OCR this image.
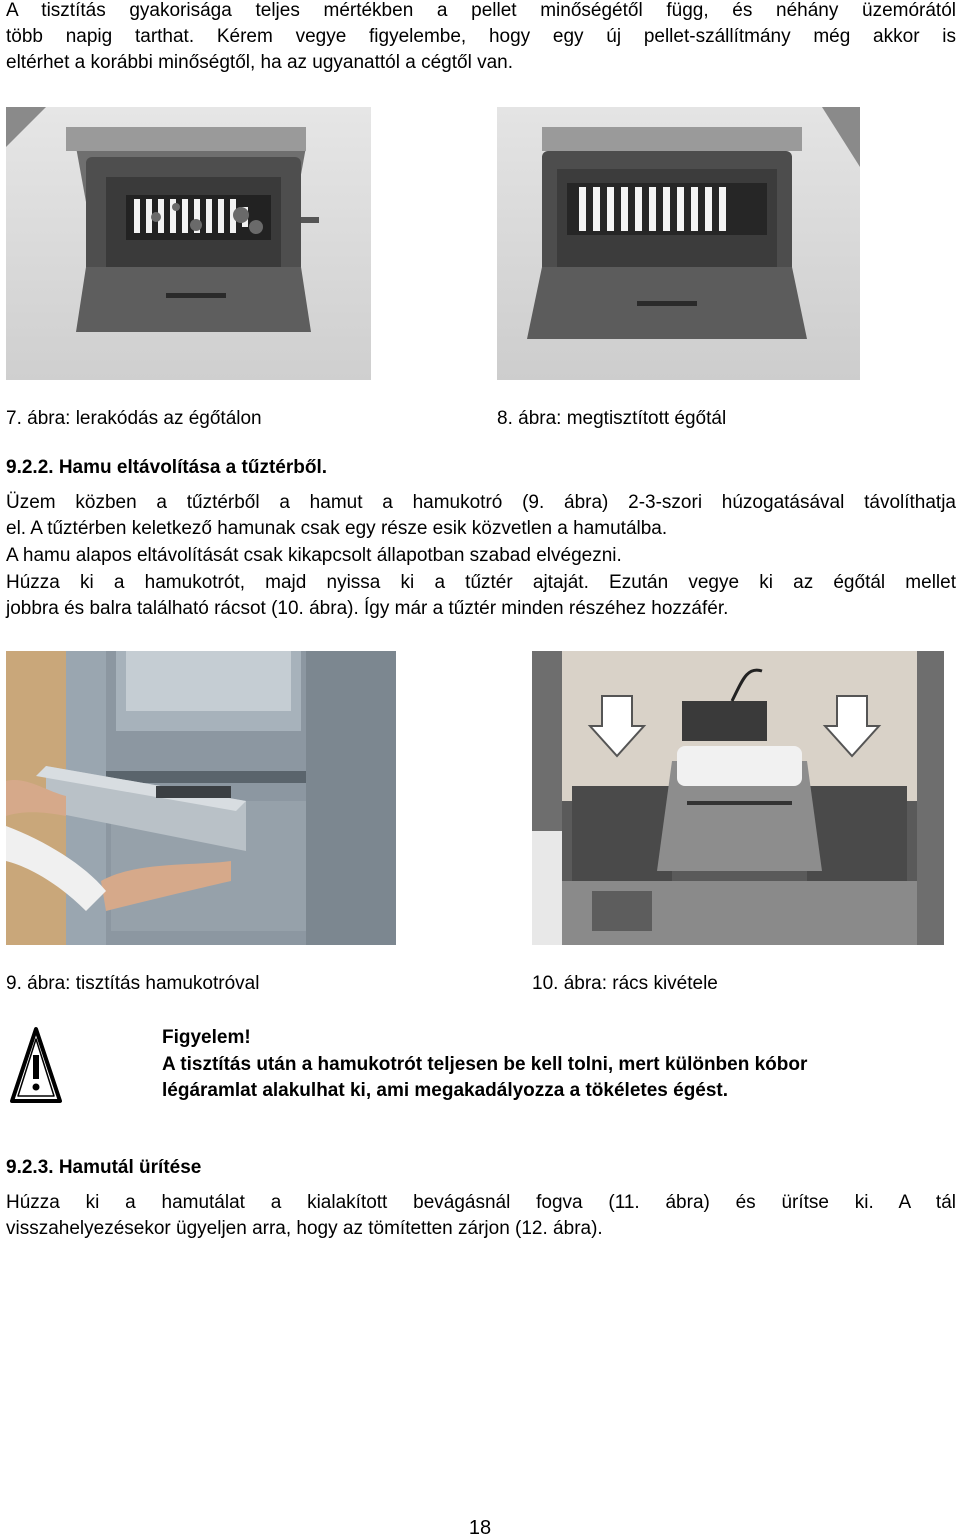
A tisztítás gyakorisága teljes mértékben a pellet minőségétől függ, és néhány üzemórától

több napig tarthat. Kérem vegye figyelembe, hogy egy új pellet-szállítmány még akkor is

eltérhet a korábbi minőségtől, ha az ugyanattól a cégtől van.

7. ábra: lerakódás az égőtálon	8. ábra: megtisztított égőtál
9.2.2. Hamu eltávolítása a tűztérből.

Üzem közben a tűztérből a hamut a hamukotró (9. ábra) 2-3-szori húzogatásával távolíthatja

el. A tűztérben keletkező hamunak csak egy része esik közvetlen a hamutálba.

A hamu alapos eltávolítását csak kikapcsolt állapotban szabad elvégezni.

Húzza ki a hamukotrót, majd nyissa ki a tűztér ajtaját. Ezután vegye ki az égőtál mellet

jobbra és balra található rácsot (10. ábra). Így már a tűztér minden részéhez hozzáfér.

9. ábra: tisztítás hamukotróval	10. ábra: rács kivétele
Figyelem!
A tisztítás után a hamukotrót teljesen be kell tolni, mert különben kóbor
légáramlat alakulhat ki, ami megakadályozza a tökéletes égést.
9.2.3. Hamutál ürítése

Húzza ki a hamutálat a kialakított bevágásnál fogva (11. ábra) és ürítse ki. A tál

visszahelyezésekor ügyeljen arra, hogy az tömítetten zárjon (12. ábra).

18
